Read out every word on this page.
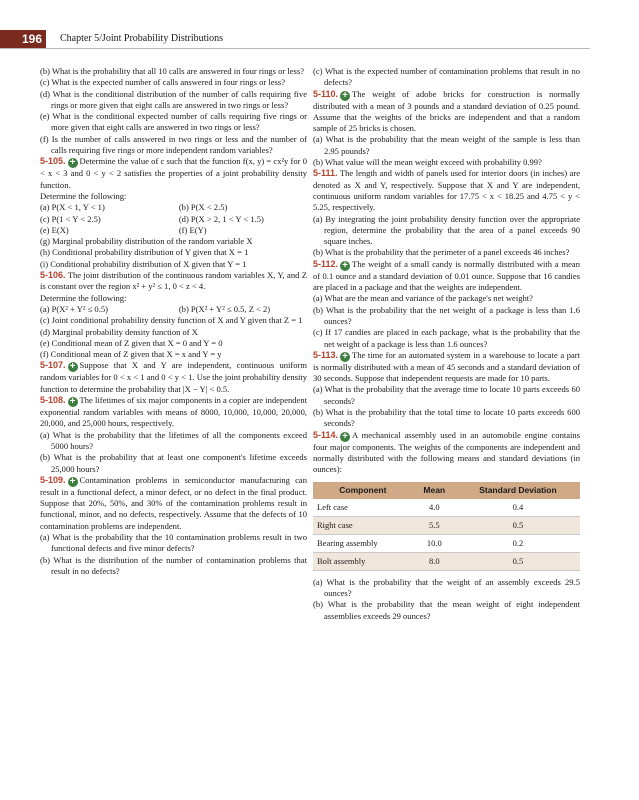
196	Chapter 5/Joint Probability Distributions

(b) What is the probability that all 10 calls are answered in four rings or less?

(c) What is the expected number of calls answered in four rings or less?

(d) What is the conditional distribution of the number of calls requiring five rings or more given that eight calls are answered in two rings or less?

(e) What is the conditional expected number of calls requiring five rings or more given that eight calls are answered in two rings or less?

(f) Is the number of calls answered in two rings or less and the number of calls requiring five rings or more independent random variables?

5-105. + Determine the value of c such that the function f(x, y) = cx²y for 0 < x < 3 and 0 < y < 2 satisfies the properties of a joint probability density function.

Determine the following:

(a) P(X < 1, Y < 1)	(b) P(X < 2.5)
(c) P(1 < Y < 2.5)	(d) P(X > 2, 1 < Y < 1.5)
(e) E(X)	(f) E(Y)

(g) Marginal probability distribution of the random variable X

(h) Conditional probability distribution of Y given that X = 1

(i) Conditional probability distribution of X given that Y = 1

5-106. The joint distribution of the continuous random variables X, Y, and Z is constant over the region x² + y² ≤ 1, 0 < z < 4.

Determine the following:

(a) P(X² + Y² ≤ 0.5)	(b) P(X² + Y² ≤ 0.5, Z < 2)

(c) Joint conditional probability density function of X and Y given that Z = 1

(d) Marginal probability density function of X

(e) Conditional mean of Z given that X = 0 and Y = 0

(f) Conditional mean of Z given that X = x and Y = y

5-107. + Suppose that X and Y are independent, continuous uniform random variables for 0 < x < 1 and 0 < y < 1. Use the joint probability density function to determine the probability that |X − Y| < 0.5.

5-108. + The lifetimes of six major components in a copier are independent exponential random variables with means of 8000, 10,000, 10,000, 20,000, 20,000, and 25,000 hours, respectively.

(a) What is the probability that the lifetimes of all the components exceed 5000 hours?

(b) What is the probability that at least one component's lifetime exceeds 25,000 hours?

5-109. + Contamination problems in semiconductor manufacturing can result in a functional defect, a minor defect, or no defect in the final product. Suppose that 20%, 50%, and 30% of the contamination problems result in functional, minor, and no defects, respectively. Assume that the defects of 10 contamination problems are independent.

(a) What is the probability that the 10 contamination problems result in two functional defects and five minor defects?

(b) What is the distribution of the number of contamination problems that result in no defects?

(c) What is the expected number of contamination problems that result in no defects?

5-110. + The weight of adobe bricks for construction is normally distributed with a mean of 3 pounds and a standard deviation of 0.25 pound. Assume that the weights of the bricks are independent and that a random sample of 25 bricks is chosen.

(a) What is the probability that the mean weight of the sample is less than 2.95 pounds?

(b) What value will the mean weight exceed with probability 0.99?

5-111. The length and width of panels used for interior doors (in inches) are denoted as X and Y, respectively. Suppose that X and Y are independent, continuous uniform random variables for 17.75 < x < 18.25 and 4.75 < y < 5.25, respectively.

(a) By integrating the joint probability density function over the appropriate region, determine the probability that the area of a panel exceeds 90 square inches.

(b) What is the probability that the perimeter of a panel exceeds 46 inches?

5-112. + The weight of a small candy is normally distributed with a mean of 0.1 ounce and a standard deviation of 0.01 ounce. Suppose that 16 candies are placed in a package and that the weights are independent.

(a) What are the mean and variance of the package's net weight?

(b) What is the probability that the net weight of a package is less than 1.6 ounces?

(c) If 17 candies are placed in each package, what is the probability that the net weight of a package is less than 1.6 ounces?

5-113. + The time for an automated system in a warehouse to locate a part is normally distributed with a mean of 45 seconds and a standard deviation of 30 seconds. Suppose that independent requests are made for 10 parts.

(a) What is the probability that the average time to locate 10 parts exceeds 60 seconds?

(b) What is the probability that the total time to locate 10 parts exceeds 600 seconds?

5-114. + A mechanical assembly used in an automobile engine contains four major components. The weights of the components are independent and normally distributed with the following means and standard deviations (in ounces):

Component	Mean	Standard Deviation
Left case	4.0	0.4
Right case	5.5	0.5
Bearing assembly	10.0	0.2
Bolt assembly	8.0	0.5

(a) What is the probability that the weight of an assembly exceeds 29.5 ounces?

(b) What is the probability that the mean weight of eight independent assemblies exceeds 29 ounces?
